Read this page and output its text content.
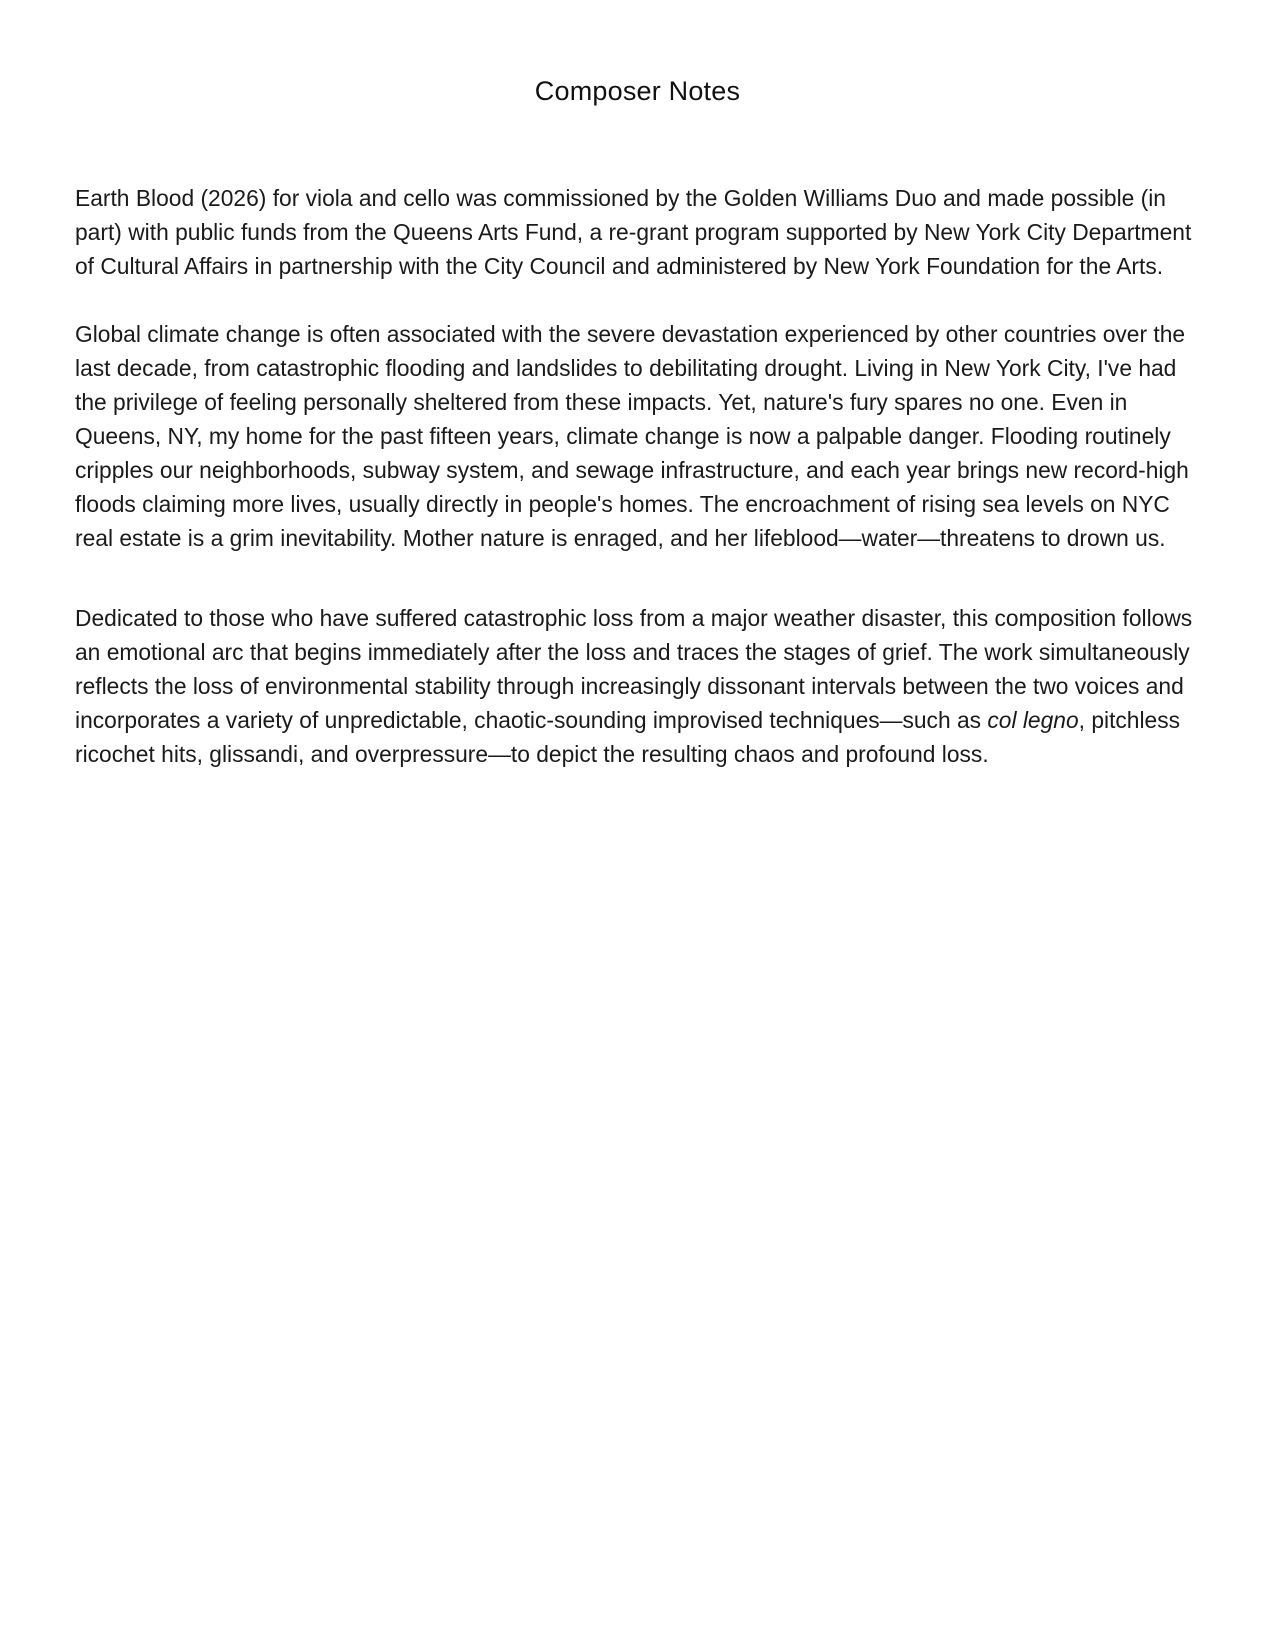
Composer Notes

Earth Blood (2026) for viola and cello was commissioned by the Golden Williams Duo and made possible (in part) with public funds from the Queens Arts Fund, a re-grant program supported by New York City Department of Cultural Affairs in partnership with the City Council and administered by New York Foundation for the Arts.

Global climate change is often associated with the severe devastation experienced by other countries over the last decade, from catastrophic flooding and landslides to debilitating drought. Living in New York City, I've had the privilege of feeling personally sheltered from these impacts. Yet, nature's fury spares no one. Even in Queens, NY, my home for the past fifteen years, climate change is now a palpable danger. Flooding routinely cripples our neighborhoods, subway system, and sewage infrastructure, and each year brings new record-high floods claiming more lives, usually directly in people's homes. The encroachment of rising sea levels on NYC real estate is a grim inevitability. Mother nature is enraged, and her lifeblood—water—threatens to drown us.

Dedicated to those who have suffered catastrophic loss from a major weather disaster, this composition follows an emotional arc that begins immediately after the loss and traces the stages of grief. The work simultaneously reflects the loss of environmental stability through increasingly dissonant intervals between the two voices and incorporates a variety of unpredictable, chaotic-sounding improvised techniques—such as col legno, pitchless ricochet hits, glissandi, and overpressure—to depict the resulting chaos and profound loss.
